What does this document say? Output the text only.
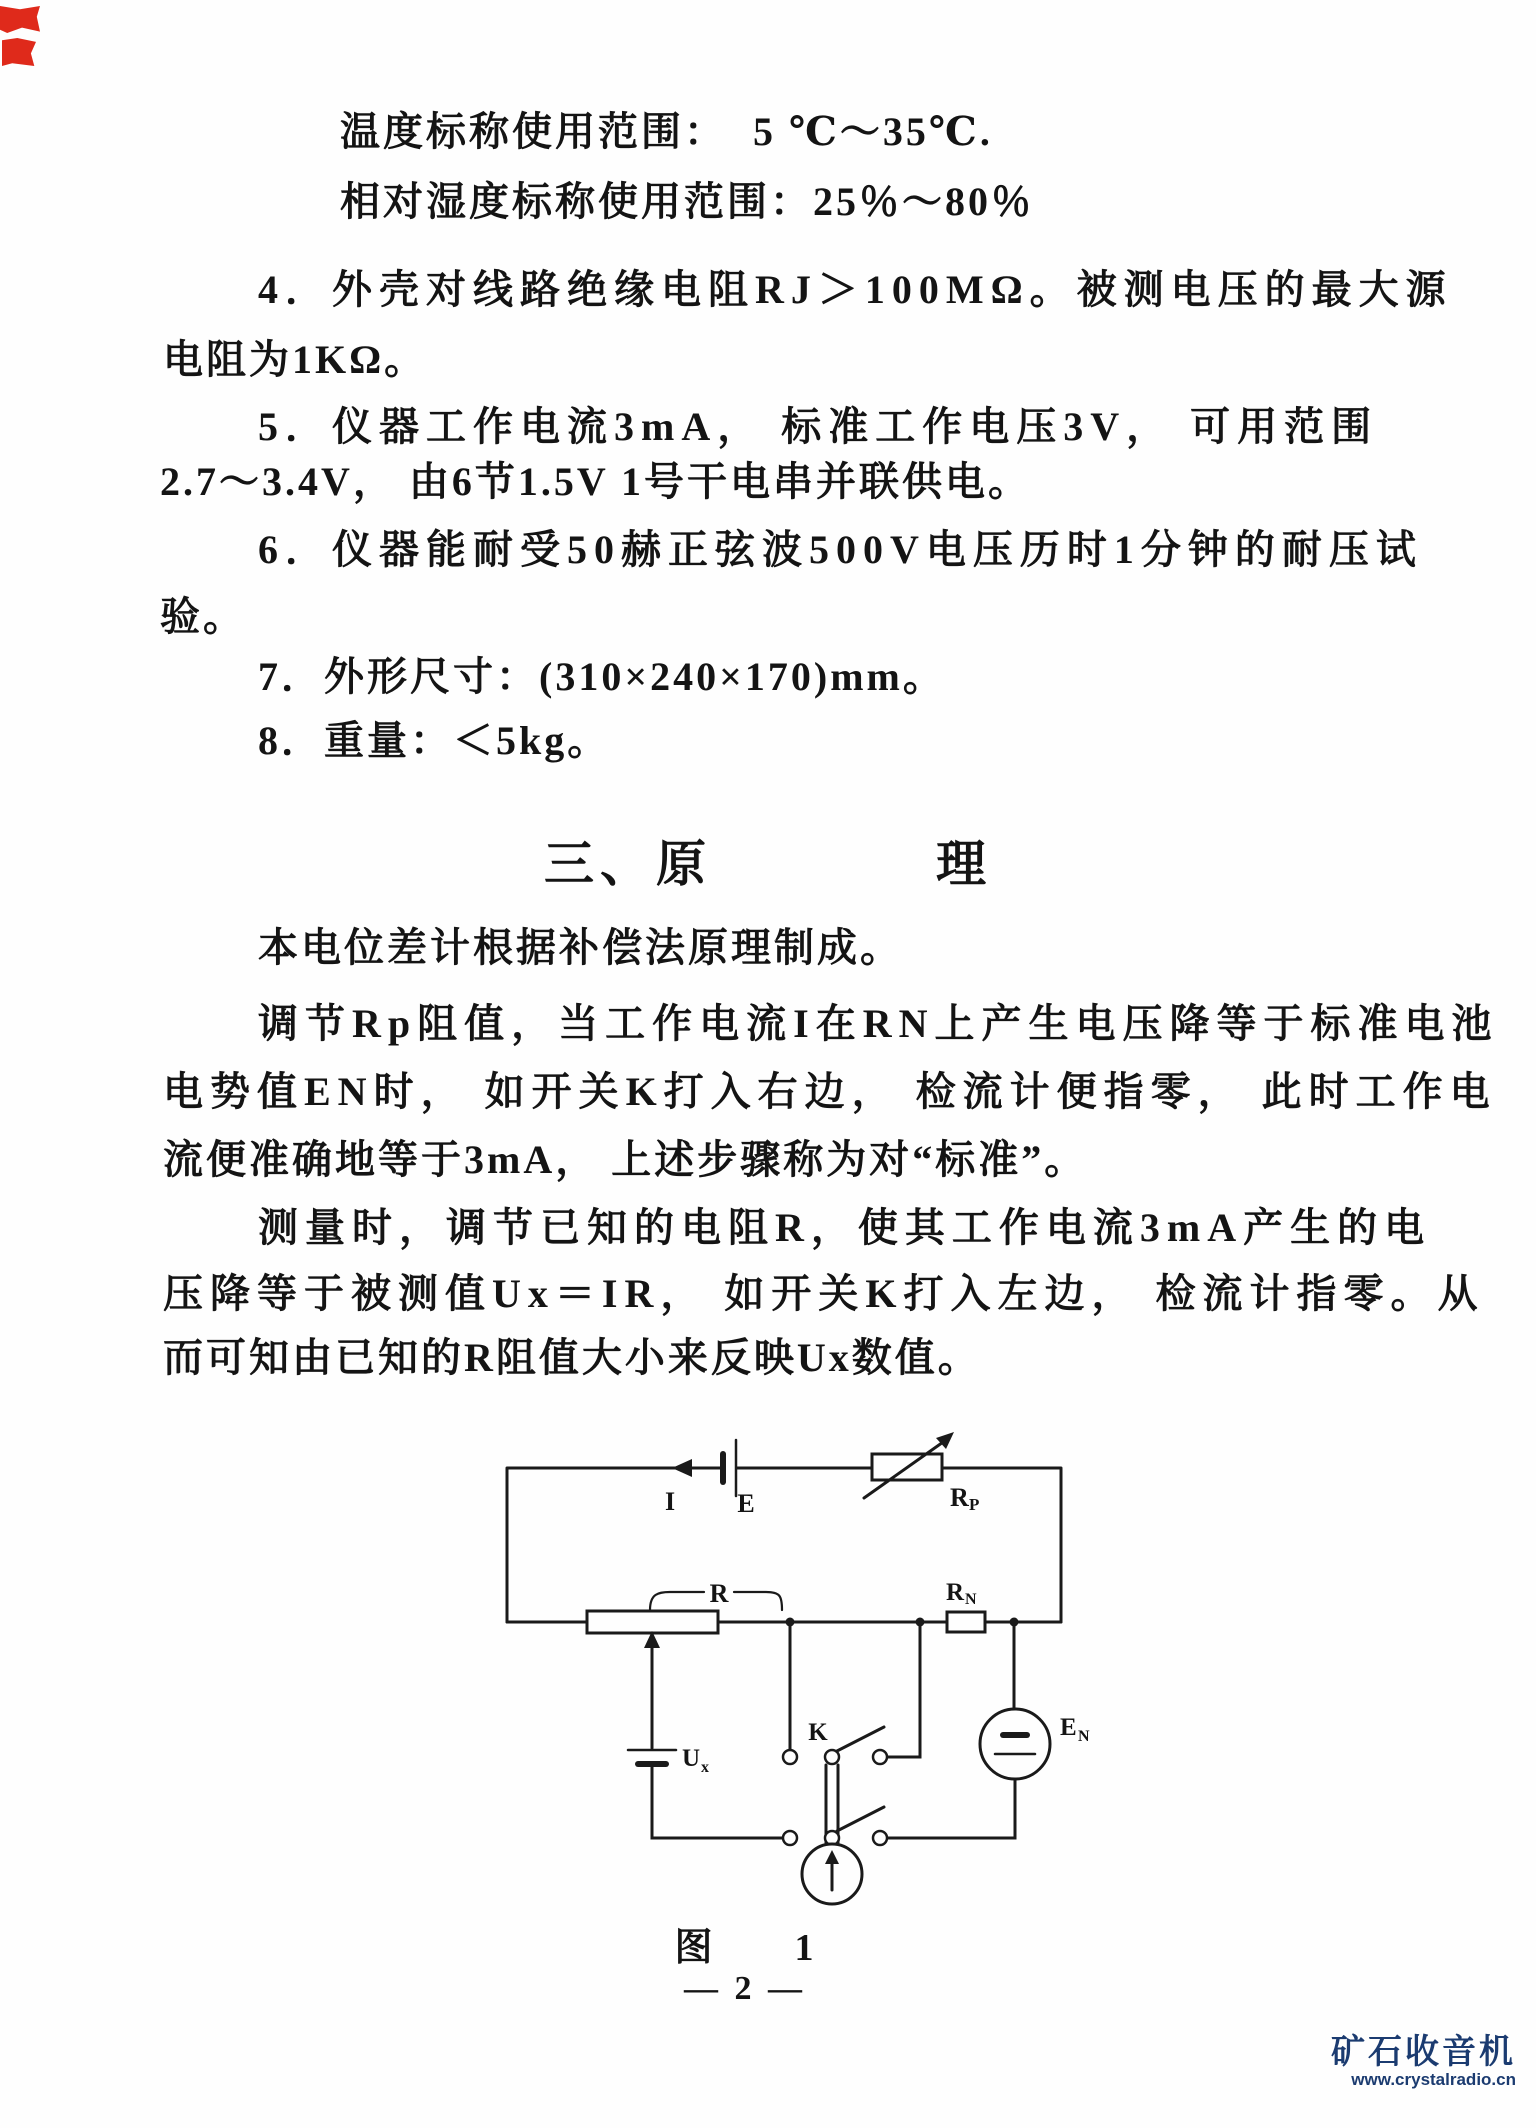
温度标称使用范围：  5 ℃～35℃.
相对湿度标称使用范围：25％～80％
4．外壳对线路绝缘电阻RJ＞100MΩ。被测电压的最大源
电阻为1KΩ。
5．仪器工作电流3mA， 标准工作电压3V， 可用范围
2.7～3.4V， 由6节1.5V 1号干电串并联供电。
6．仪器能耐受50赫正弦波500V电压历时1分钟的耐压试
验。
7．外形尺寸：(310×240×170)mm。
8．重量：＜5kg。
三、原　　　　理
本电位差计根据补偿法原理制成。
调节Rp阻值，当工作电流I在RN上产生电压降等于标准电池
电势值EN时， 如开关K打入右边， 检流计便指零， 此时工作电
流便准确地等于3mA， 上述步骤称为对“标准”。
测量时，调节已知的电阻R，使其工作电流3mA产生的电
压降等于被测值Ux＝IR， 如开关K打入左边， 检流计指零。从
而可知由已知的R阻值大小来反映Ux数值。
I E	R P
R	R N
U x
K	E N
图　　1
— 2 —
矿石收音机
www.crystalradio.cn
